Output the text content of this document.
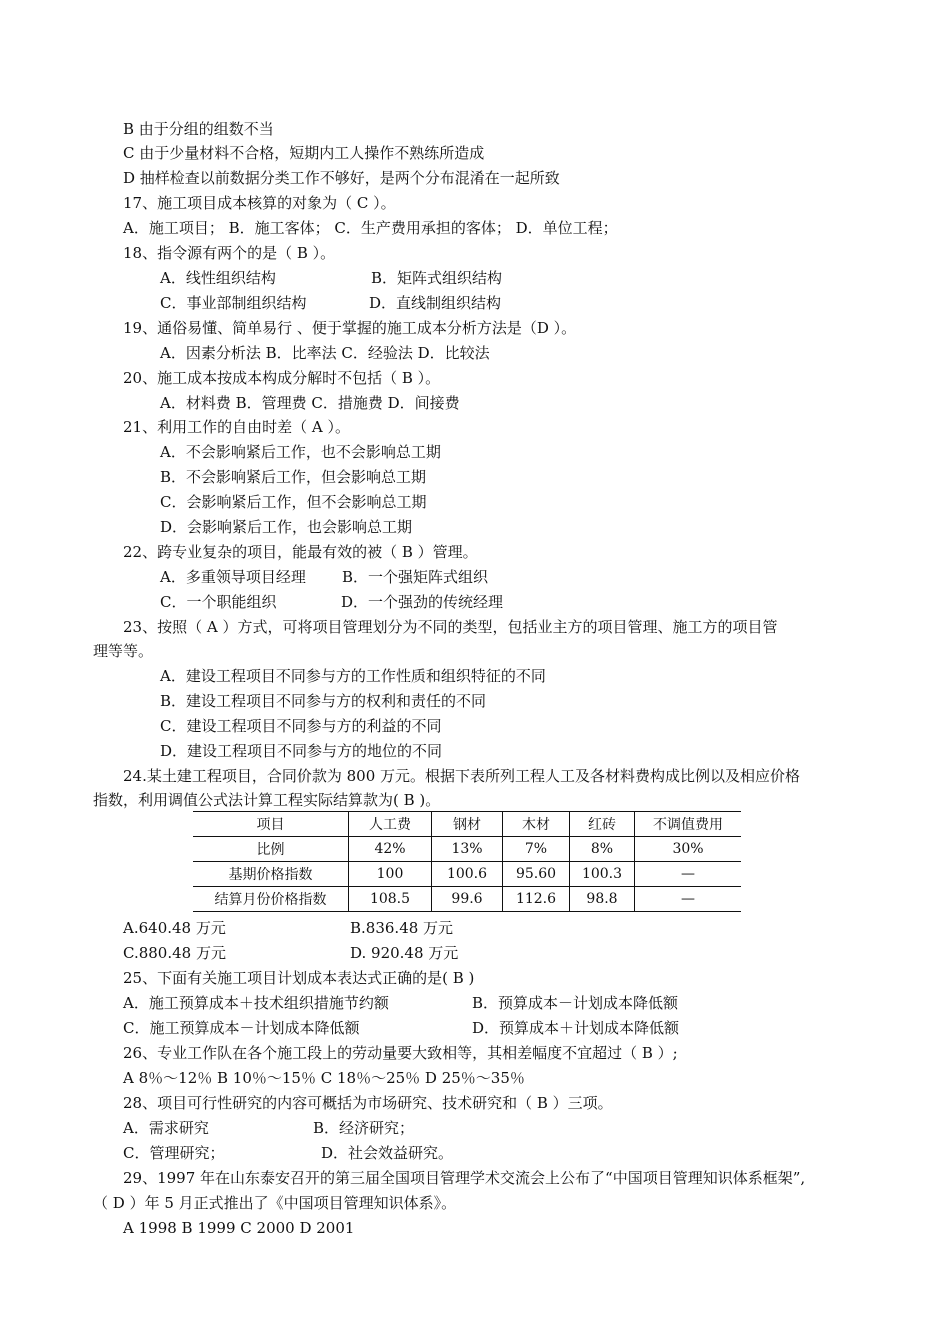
B 由于分组的组数不当
C 由于少量材料不合格，短期内工人操作不熟练所造成
D 抽样检查以前数据分类工作不够好，是两个分布混淆在一起所致
17、施工项目成本核算的对象为（ C ）。
A．施工项目； B．施工客体； C．生产费用承担的客体； D．单位工程；
18、指令源有两个的是（ B ）。
A．线性组织结构	B．矩阵式组织结构
C．事业部制组织结构	D．直线制组织结构
19、通俗易懂、简单易行 、便于掌握的施工成本分析方法是（D ）。
A．因素分析法 B．比率法 C．经验法 D．比较法
20、施工成本按成本构成分解时不包括（ B ）。
A．材料费 B．管理费 C．措施费 D．间接费
21、利用工作的自由时差（ A ）。
A．不会影响紧后工作，也不会影响总工期
B．不会影响紧后工作，但会影响总工期
C．会影响紧后工作，但不会影响总工期
D．会影响紧后工作，也会影响总工期
22、跨专业复杂的项目，能最有效的被（ B ）管理。
A．多重领导项目经理 B．一个强矩阵式组织
C．一个职能组织	D．一个强劲的传统经理
23、按照（ A ）方式，可将项目管理划分为不同的类型，包括业主方的项目管理、施工方的项目管
理等等。
A．建设工程项目不同参与方的工作性质和组织特征的不同
B．建设工程项目不同参与方的权利和责任的不同
C．建设工程项目不同参与方的利益的不同
D．建设工程项目不同参与方的地位的不同
24.某土建工程项目，合同价款为 800 万元。根据下表所列工程人工及各材料费构成比例以及相应价格
指数，利用调值公式法计算工程实际结算款为( B )。
项目	人工费	钢材	木材	红砖	不调值费用
比例	42%	13%	7%	8%	30%
基期价格指数	100	100.6	95.60	100.3	—
结算月份价格指数	108.5	99.6	112.6	98.8	—
A.640.48 万元	B.836.48 万元
C.880.48 万元	D. 920.48 万元
25、下面有关施工项目计划成本表达式正确的是( B )
A．施工预算成本＋技术组织措施节约额	B．预算成本－计划成本降低额
C．施工预算成本－计划成本降低额	D．预算成本＋计划成本降低额
26、专业工作队在各个施工段上的劳动量要大致相等，其相差幅度不宜超过（ B ）;
A 8％～12％ B 10％～15％ C 18％～25％ D 25％～35％
28、项目可行性研究的内容可概括为市场研究、技术研究和（ B ）三项。
A．需求研究	B．经济研究；
C．管理研究；	D．社会效益研究。
29、1997 年在山东泰安召开的第三届全国项目管理学术交流会上公布了“中国项目管理知识体系框架”,
（ D ）年 5 月正式推出了《中国项目管理知识体系》。
A 1998 B 1999 C 2000 D 2001
